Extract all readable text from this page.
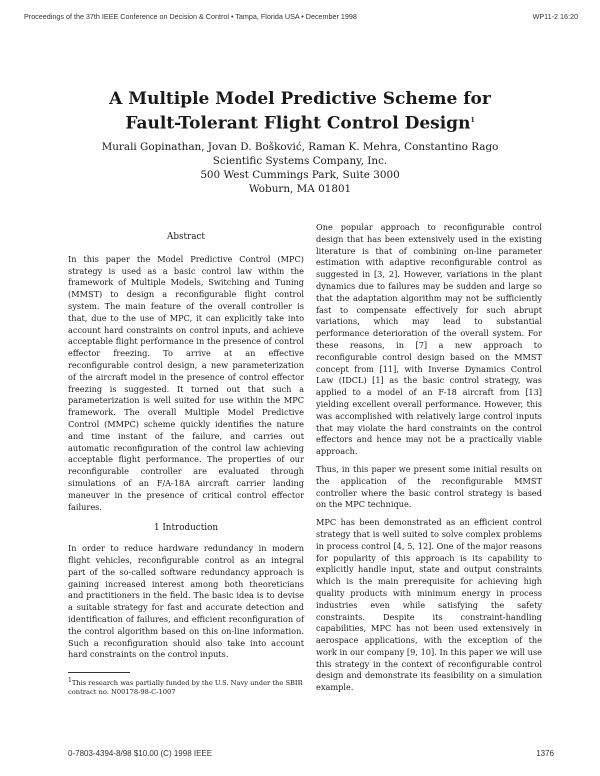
Proceedings of the 37th IEEE Conference on Decision & Control • Tampa, Florida USA • December 1998	WP11-2 16:20
A Multiple Model Predictive Scheme for
Fault-Tolerant Flight Control Design$^1$
Murali Gopinathan, Jovan D. Bošković, Raman K. Mehra, Constantino Rago
Scientific Systems Company, Inc.
500 West Cummings Park, Suite 3000
Woburn, MA 01801
Abstract

In this paper the Model Predictive Control (MPC) strategy is used as a basic control law within the framework of Multiple Models, Switching and Tuning (MMST) to design a reconfigurable flight control system. The main feature of the overall controller is that, due to the use of MPC, it can explicitly take into account hard constraints on control inputs, and achieve acceptable flight performance in the presence of control effector freezing. To arrive at an effective reconfigurable control design, a new parameterization of the aircraft model in the presence of control effector freezing is suggested. It turned out that such a parameterization is well suited for use within the MPC framework. The overall Multiple Model Predictive Control (MMPC) scheme quickly identifies the nature and time instant of the failure, and carries out automatic reconfiguration of the control law achieving acceptable flight performance. The properties of our reconfigurable controller are evaluated through simulations of an F/A-18A aircraft carrier landing maneuver in the presence of critical control effector failures.

1 Introduction

In order to reduce hardware redundancy in modern flight vehicles, reconfigurable control as an integral part of the so-called software redundancy approach is gaining increased interest among both theoreticians and practitioners in the field. The basic idea is to devise a suitable strategy for fast and accurate detection and identification of failures, and efficient reconfiguration of the control algorithm based on this on-line information. Such a reconfiguration should also take into account hard constraints on the control inputs.

$^1$This research was partially funded by the U.S. Navy under the SBIR contract no. N00178-98-C-1007

One popular approach to reconfigurable control design that has been extensively used in the existing literature is that of combining on-line parameter estimation with adaptive reconfigurable control as suggested in [3, 2]. However, variations in the plant dynamics due to failures may be sudden and large so that the adaptation algorithm may not be sufficiently fast to compensate effectively for such abrupt variations, which may lead to substantial performance deterioration of the overall system. For these reasons, in [7] a new approach to reconfigurable control design based on the MMST concept from [11], with Inverse Dynamics Control Law (IDCL) [1] as the basic control strategy, was applied to a model of an F-18 aircraft from [13] yielding excellent overall performance. However, this was accomplished with relatively large control inputs that may violate the hard constraints on the control effectors and hence may not be a practically viable approach.

Thus, in this paper we present some initial results on the application of the reconfigurable MMST controller where the basic control strategy is based on the MPC technique.

MPC has been demonstrated as an efficient control strategy that is well suited to solve complex problems in process control [4, 5, 12]. One of the major reasons for popularity of this approach is its capability to explicitly handle input, state and output constraints which is the main prerequisite for achieving high quality products with minimum energy in process industries even while satisfying the safety constraints. Despite its constraint-handling capabilities, MPC has not been used extensively in aerospace applications, with the exception of the work in our company [9, 10]. In this paper we will use this strategy in the context of reconfigurable control design and demonstrate its feasibility on a simulation example.

0-7803-4394-8/98 $10.00 (C) 1998 IEEE	1376
